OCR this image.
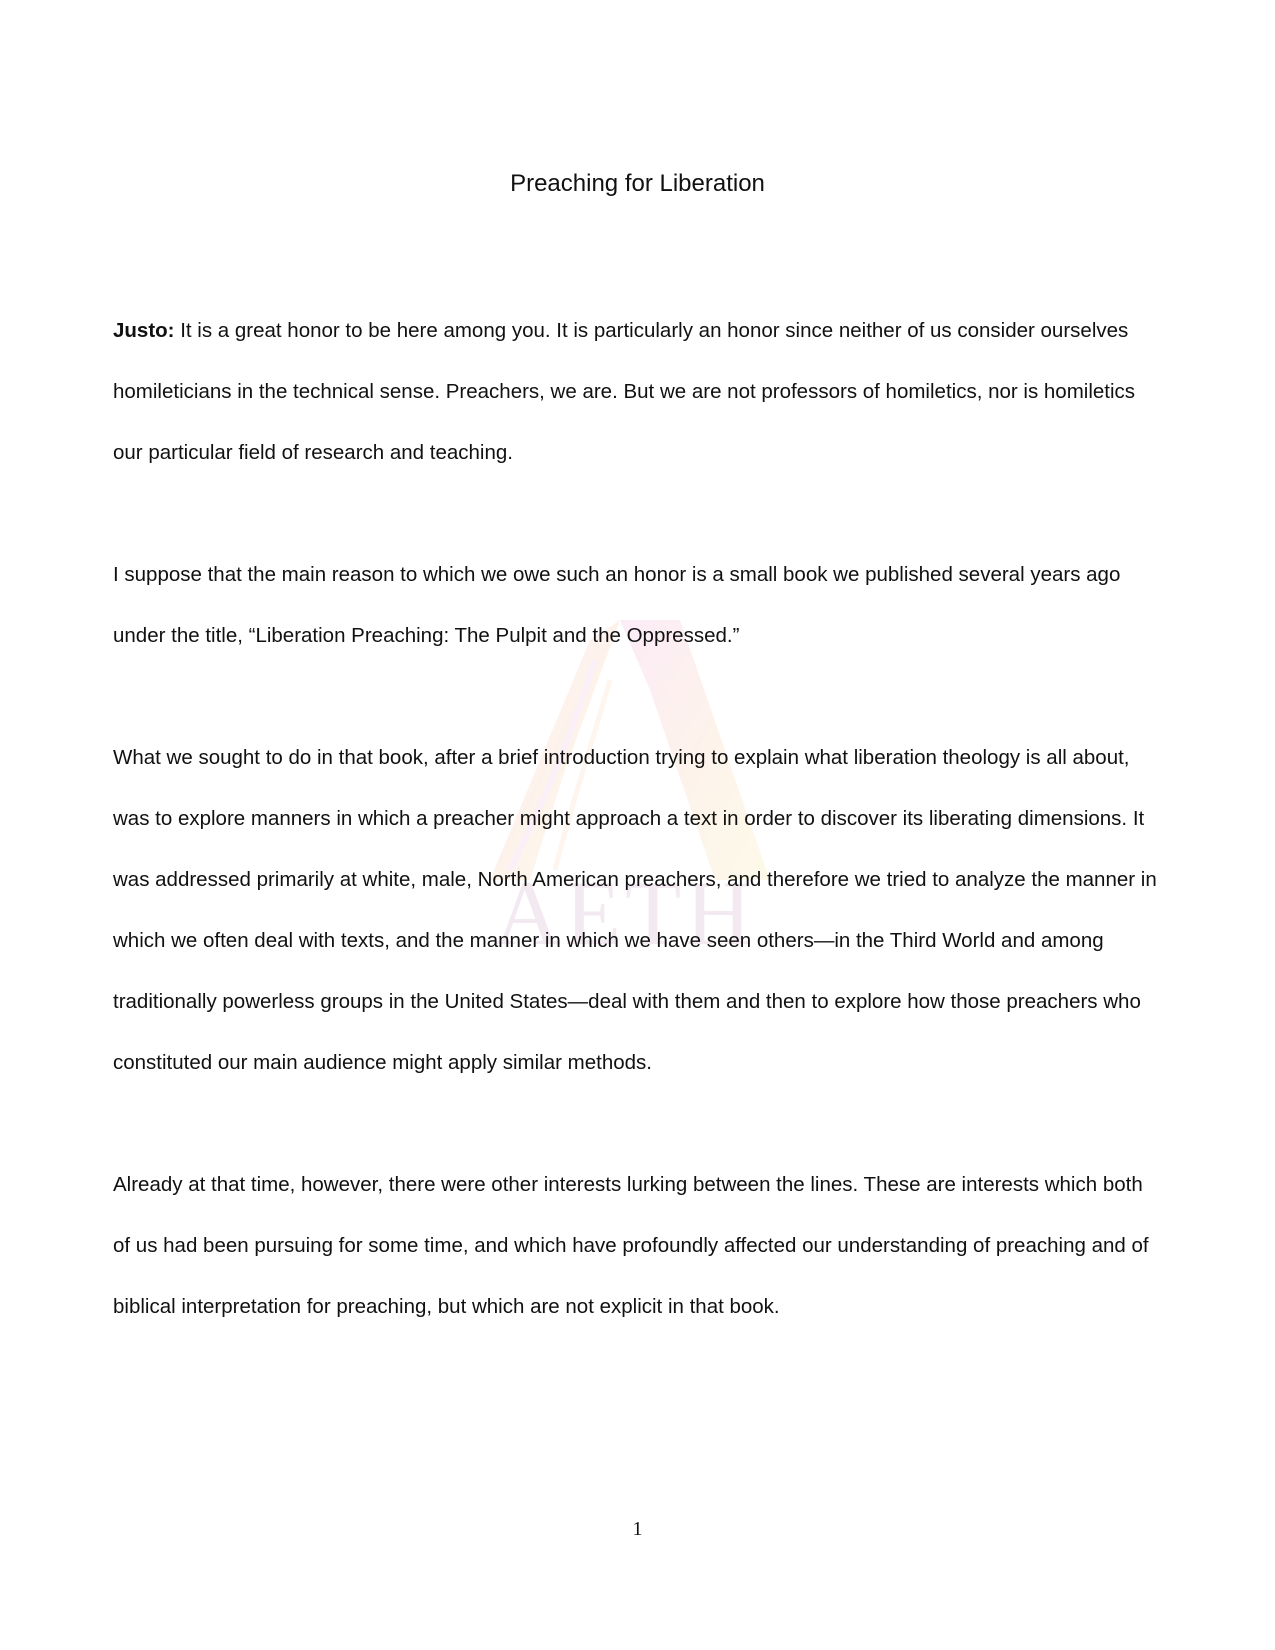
AETH
Preaching for Liberation

Justo: It is a great honor to be here among you. It is particularly an honor since neither of us consider ourselves homileticians in the technical sense. Preachers, we are. But we are not professors of homiletics, nor is homiletics our particular field of research and teaching.

I suppose that the main reason to which we owe such an honor is a small book we published several years ago under the title, “Liberation Preaching: The Pulpit and the Oppressed.”

What we sought to do in that book, after a brief introduction trying to explain what liberation theology is all about, was to explore manners in which a preacher might approach a text in order to discover its liberating dimensions. It was addressed primarily at white, male, North American preachers, and therefore we tried to analyze the manner in which we often deal with texts, and the manner in which we have seen others—in the Third World and among traditionally powerless groups in the United States—deal with them and then to explore how those preachers who constituted our main audience might apply similar methods.

Already at that time, however, there were other interests lurking between the lines. These are interests which both of us had been pursuing for some time, and which have profoundly affected our understanding of preaching and of biblical interpretation for preaching, but which are not explicit in that book.

1
